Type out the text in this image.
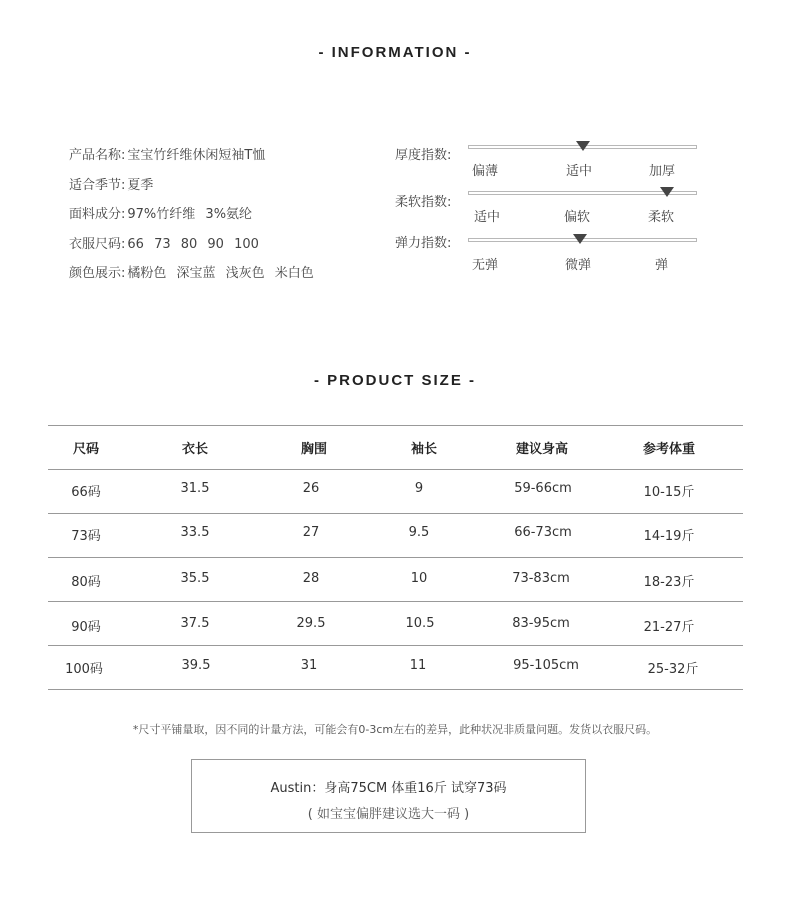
- INFORMATION -
产品名称: 宝宝竹纤维休闲短袖T恤
适合季节: 夏季
面料成分: 97%竹纤维 3%氨纶
衣服尺码: 66 73 80 90 100
颜色展示: 橘粉色 深宝蓝 浅灰色 米白色
厚度指数:
偏薄	适中	加厚
柔软指数:
适中	偏软	柔软
弹力指数:
无弹	微弹	弹
- PRODUCT SIZE -
尺码	衣长	胸围	袖长	建议身高	参考体重
66码	31.5	26	9	59-66cm	10-15斤
73码	33.5	27	9.5	66-73cm	14-19斤
80码	35.5	28	10	73-83cm	18-23斤
90码	37.5	29.5	10.5	83-95cm	21-27斤
100码	39.5	31	11	95-105cm	25-32斤
*尺寸平铺量取，因不同的计量方法，可能会有0-3cm左右的差异，此种状况非质量问题。发货以衣服尺码。
Austin：身高75CM 体重16斤 试穿73码
( 如宝宝偏胖建议选大一码 )
